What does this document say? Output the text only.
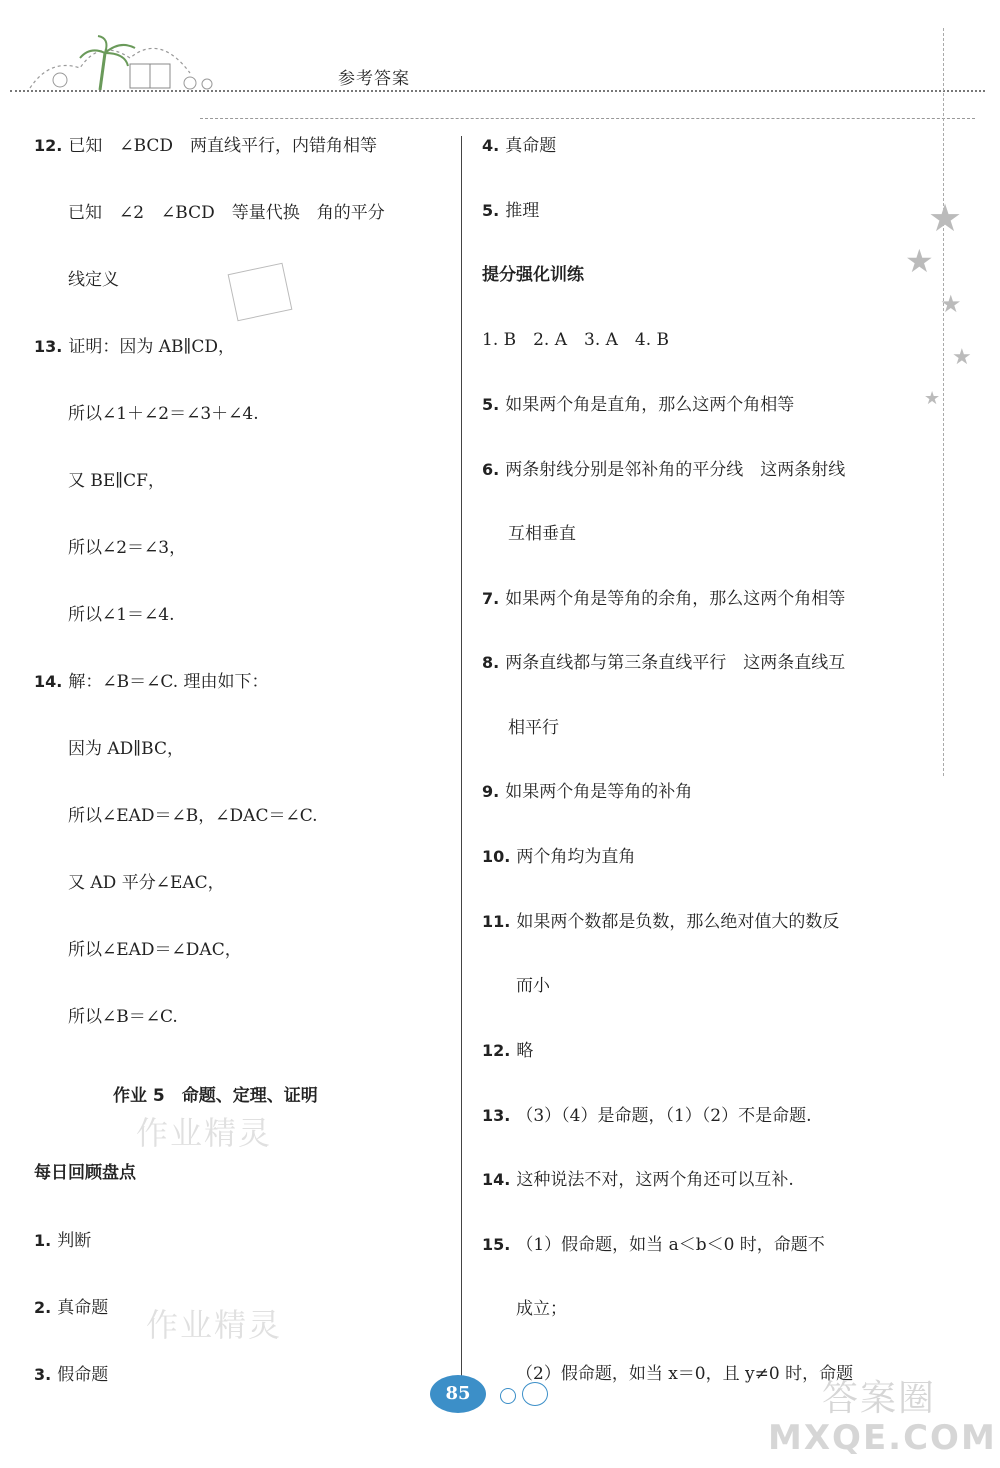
参考答案
★
★
★
★
★
作业 5　命题、定理、证明
每日回顾盘点
提分强化训练
作业精灵
作业精灵
MXQE.COM
答案圈
85
12. 已知　∠BCD　两直线平行，内错角相等
已知　∠2　∠BCD　等量代换　角的平分
线定义
13. 证明：因为 AB∥CD，
所以∠1＋∠2＝∠3＋∠4.
又 BE∥CF，
所以∠2＝∠3，
所以∠1＝∠4.
14. 解：∠B＝∠C. 理由如下：
因为 AD∥BC，
所以∠EAD＝∠B，∠DAC＝∠C.
又 AD 平分∠EAC，
所以∠EAD＝∠DAC，
所以∠B＝∠C.
1. 判断
2. 真命题
3. 假命题
4. 真命题
5. 推理
1. B　2. A　3. A　4. B
5. 如果两个角是直角，那么这两个角相等
6. 两条射线分别是邻补角的平分线　这两条射线
互相垂直
7. 如果两个角是等角的余角，那么这两个角相等
8. 两条直线都与第三条直线平行　这两条直线互
相平行
9. 如果两个角是等角的补角
10. 两个角均为直角
11. 如果两个数都是负数，那么绝对值大的数反
而小
12. 略
13. （3）（4）是命题，（1）（2）不是命题.
14. 这种说法不对，这两个角还可以互补.
15. （1）假命题，如当 a＜b＜0 时，命题不
成立；
（2）假命题，如当 x＝0，且 y≠0 时，命题
